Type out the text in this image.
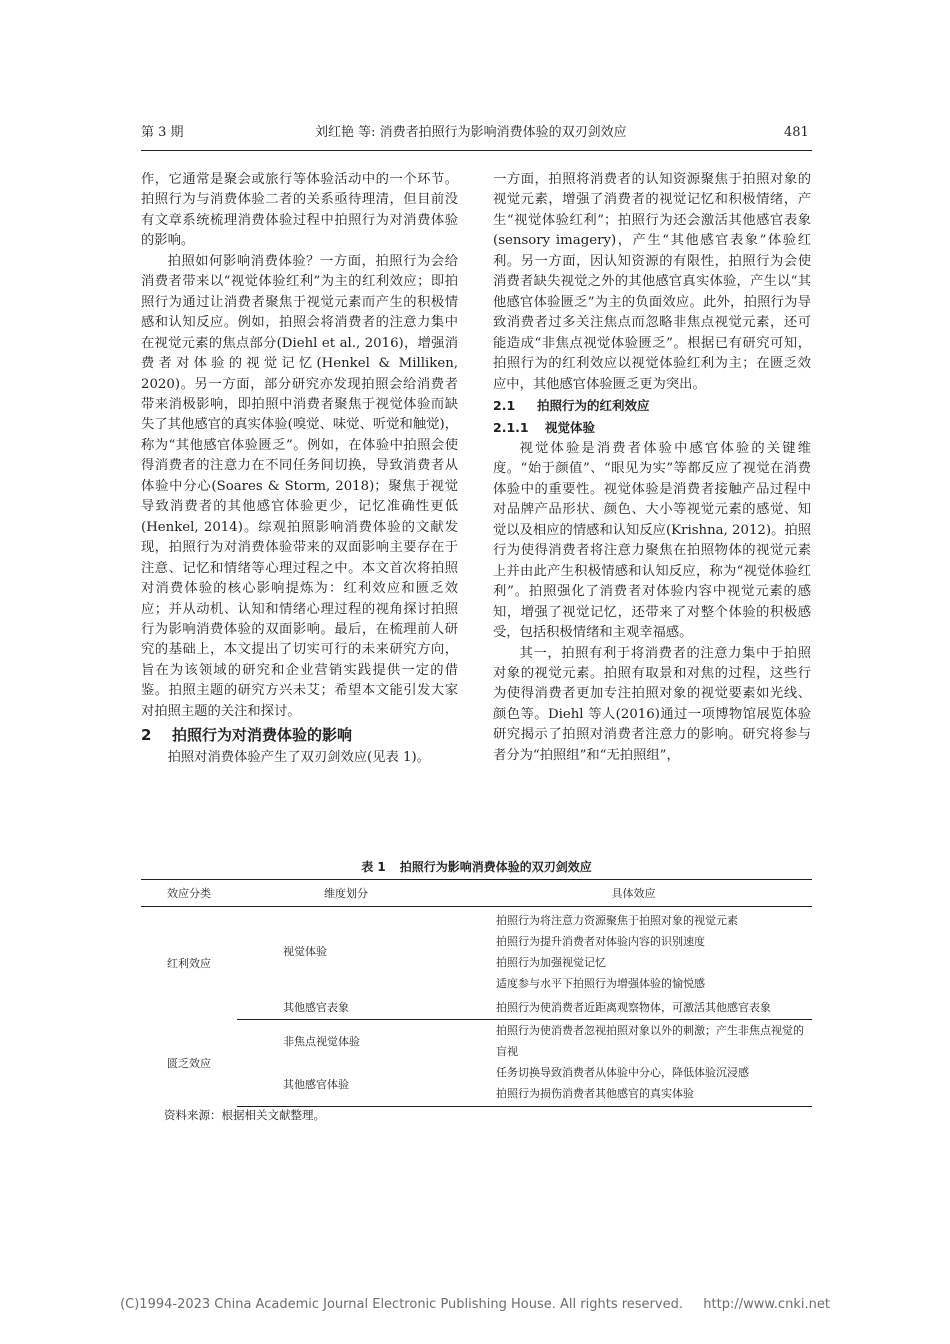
第 3 期	刘红艳 等: 消费者拍照行为影响消费体验的双刃剑效应	481

作，它通常是聚会或旅行等体验活动中的一个环节。拍照行为与消费体验二者的关系亟待理清，但目前没有文章系统梳理消费体验过程中拍照行为对消费体验的影响。

拍照如何影响消费体验？一方面，拍照行为会给消费者带来以“视觉体验红利”为主的红利效应；即拍照行为通过让消费者聚焦于视觉元素而产生的积极情感和认知反应。例如，拍照会将消费者的注意力集中在视觉元素的焦点部分(Diehl et al., 2016)，增强消费者对体验的视觉记忆(Henkel & Milliken, 2020)。另一方面，部分研究亦发现拍照会给消费者带来消极影响，即拍照中消费者聚焦于视觉体验而缺失了其他感官的真实体验(嗅觉、味觉、听觉和触觉)，称为“其他感官体验匮乏”。例如，在体验中拍照会使得消费者的注意力在不同任务间切换，导致消费者从体验中分心(Soares & Storm, 2018)；聚焦于视觉导致消费者的其他感官体验更少，记忆准确性更低(Henkel, 2014)。综观拍照影响消费体验的文献发现，拍照行为对消费体验带来的双面影响主要存在于注意、记忆和情绪等心理过程之中。本文首次将拍照对消费体验的核心影响提炼为：红利效应和匮乏效应；并从动机、认知和情绪心理过程的视角探讨拍照行为影响消费体验的双面影响。最后，在梳理前人研究的基础上，本文提出了切实可行的未来研究方向，旨在为该领域的研究和企业营销实践提供一定的借鉴。拍照主题的研究方兴未艾；希望本文能引发大家对拍照主题的关注和探讨。

2 拍照行为对消费体验的影响

拍照对消费体验产生了双刃剑效应(见表 1)。

一方面，拍照将消费者的认知资源聚焦于拍照对象的视觉元素，增强了消费者的视觉记忆和积极情绪，产生“视觉体验红利”；拍照行为还会激活其他感官表象(sensory imagery)，产生“其他感官表象”体验红利。另一方面，因认知资源的有限性，拍照行为会使消费者缺失视觉之外的其他感官真实体验，产生以“其他感官体验匮乏”为主的负面效应。此外，拍照行为导致消费者过多关注焦点而忽略非焦点视觉元素，还可能造成“非焦点视觉体验匮乏”。根据已有研究可知，拍照行为的红利效应以视觉体验红利为主；在匮乏效应中，其他感官体验匮乏更为突出。

2.1 拍照行为的红利效应

2.1.1 视觉体验

视觉体验是消费者体验中感官体验的关键维度。“始于颜值”、“眼见为实”等都反应了视觉在消费体验中的重要性。视觉体验是消费者接触产品过程中对品牌产品形状、颜色、大小等视觉元素的感觉、知觉以及相应的情感和认知反应(Krishna, 2012)。拍照行为使得消费者将注意力聚焦在拍照物体的视觉元素上并由此产生积极情感和认知反应，称为“视觉体验红利”。拍照强化了消费者对体验内容中视觉元素的感知，增强了视觉记忆，还带来了对整个体验的积极感受，包括积极情绪和主观幸福感。

其一，拍照有利于将消费者的注意力集中于拍照对象的视觉元素。拍照有取景和对焦的过程，这些行为使得消费者更加专注拍照对象的视觉要素如光线、颜色等。Diehl 等人(2016)通过一项博物馆展览体验研究揭示了拍照对消费者注意力的影响。研究将参与者分为“拍照组”和“无拍照组”，

表 1 拍照行为影响消费体验的双刃剑效应
效应分类	维度划分	具体效应
红利效应	视觉体验	拍照行为将注意力资源聚焦于拍照对象的视觉元素
拍照行为提升消费者对体验内容的识别速度
拍照行为加强视觉记忆
适度参与水平下拍照行为增强体验的愉悦感

	其他感官表象	拍照行为使消费者近距离观察物体，可激活其他感官表象

匮乏效应	非焦点视觉体验	拍照行为使消费者忽视拍照对象以外的刺激；产生非焦点视觉的盲视

	其他感官体验	任务切换导致消费者从体验中分心，降低体验沉浸感
拍照行为损伤消费者其他感官的真实体验
资料来源：根据相关文献整理。
(C)1994-2023 China Academic Journal Electronic Publishing House. All rights reserved. http://www.cnki.net
